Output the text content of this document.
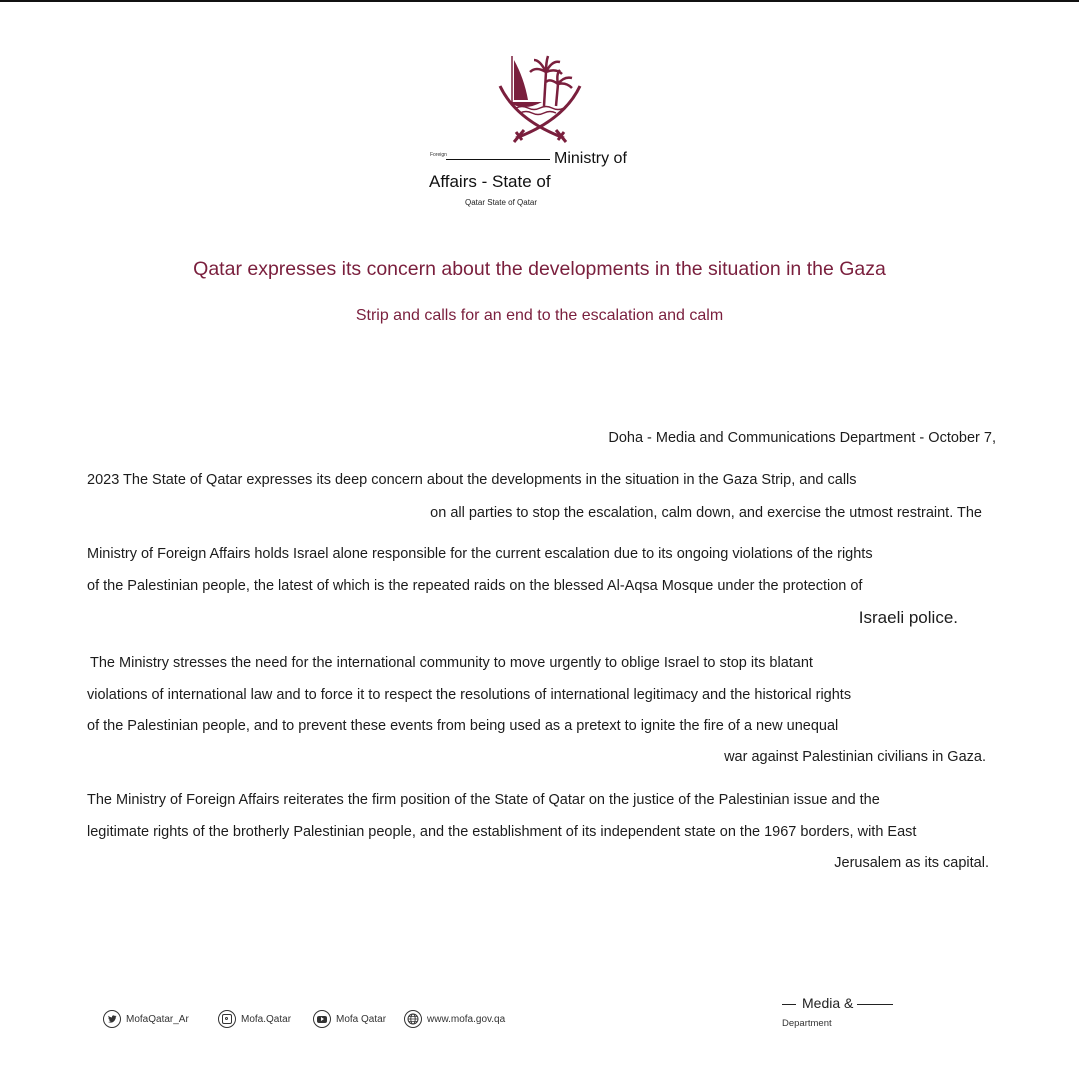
Foreign	Ministry of
Affairs - State of
Qatar State of Qatar
Qatar expresses its concern about the developments in the situation in the Gaza
Strip and calls for an end to the escalation and calm
Doha - Media and Communications Department - October 7,
2023 The State of Qatar expresses its deep concern about the developments in the situation in the Gaza Strip, and calls
on all parties to stop the escalation, calm down, and exercise the utmost restraint. The
Ministry of Foreign Affairs holds Israel alone responsible for the current escalation due to its ongoing violations of the rights
of the Palestinian people, the latest of which is the repeated raids on the blessed Al-Aqsa Mosque under the protection of
Israeli police.
The Ministry stresses the need for the international community to move urgently to oblige Israel to stop its blatant
violations of international law and to force it to respect the resolutions of international legitimacy and the historical rights
of the Palestinian people, and to prevent these events from being used as a pretext to ignite the fire of a new unequal
war against Palestinian civilians in Gaza.
The Ministry of Foreign Affairs reiterates the firm position of the State of Qatar on the justice of the Palestinian issue and the
legitimate rights of the brotherly Palestinian people, and the establishment of its independent state on the 1967 borders, with East
Jerusalem as its capital.
MofaQatar_Ar	Mofa.Qatar	Mofa Qatar	www.mofa.gov.qa
Media &
Department
